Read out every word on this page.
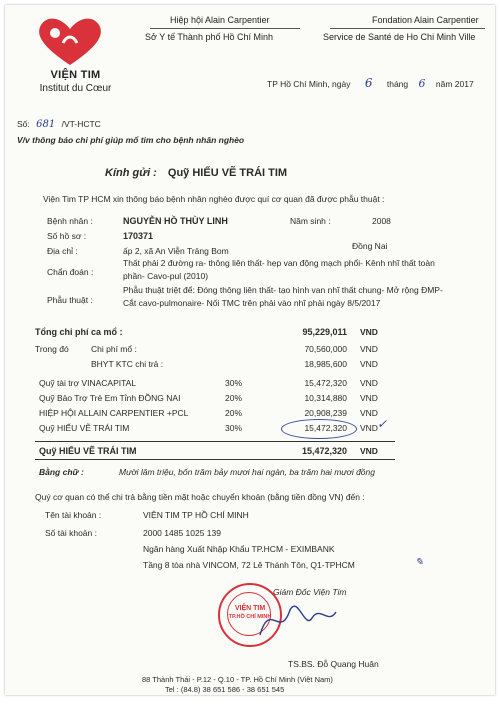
VIỆN TIM
Institut du Cœur
Hiệp hội Alain Carpentier
Sở Y tế Thành phố Hồ Chí Minh
Fondation Alain Carpentier
Service de Santé de Ho Chi Minh Ville
TP Hồ Chí Minh, ngày 6 tháng 6 năm 2017
Số: 681 /VT-HCTC
V/v thông báo chi phí giúp mổ tim cho bệnh nhân nghèo
Kính gửi : Quỹ HIẾU VẼ TRÁI TIM
Viện Tim TP HCM xin thông báo bệnh nhân nghèo được quí cơ quan đã được phẫu thuật :
Bệnh nhân :	NGUYỄN HỒ THÙY LINH	Năm sinh :	2008
Số hồ sơ :	170371
Địa chỉ :	ấp 2, xã An Viễn Trảng Bom	Đồng Nai
Chẩn đoán :
Thất phải 2 đường ra- thông liên thất- hẹp van động mạch phổi- Kênh nhĩ thất toàn
phần- Cavo-pul (2010)
Phẫu thuật :
Phẫu thuật triệt để: Đóng thông liên thất- tạo hình van nhĩ thất chung- Mở rộng ĐMP-
Cắt cavo-pulmonaire- Nối TMC trên phải vào nhĩ phải ngày 8/5/2017
Tổng chi phí ca mổ :	95,229,011 VND
Trong đó	Chi phí mổ :	70,560,000 VND
BHYT KTC chi trả :	18,985,600 VND
Quỹ tài trợ VINACAPITAL	30%	15,472,320 VND
Quỹ Bảo Trợ Trẻ Em Tỉnh ĐỒNG NAI	20%	10,314,880 VND
HIỆP HỘI ALLAIN CARPENTIER +PCL	20%	20,908,239 VND
Quỹ HIẾU VẼ TRÁI TIM	30%	15,472,320 VND ✓
Quỹ HIẾU VẼ TRÁI TIM	15,472,320 VND
Bằng chữ :	Mười lăm triệu, bốn trăm bảy mươi hai ngàn, ba trăm hai mươi đồng
Quý cơ quan có thể chi trả bằng tiền mặt hoặc chuyển khoản (bằng tiền đồng VN) đến :
Tên tài khoản :	VIỆN TIM TP HỒ CHÍ MINH
Số tài khoản :	2000 1485 1025 139
Ngân hàng Xuất Nhập Khẩu TP.HCM - EXIMBANK
Tầng 8 tòa nhà VINCOM, 72 Lê Thánh Tôn, Q1-TPHCM	✎
Giám Đốc Viện Tim
VIỆN TIM
TP.HỒ CHÍ MINH
TS.BS. Đỗ Quang Huân
88 Thành Thái - P.12 - Q.10 - TP. Hồ Chí Minh (Việt Nam)
Tel : (84.8) 38 651 586 - 38 651 545
